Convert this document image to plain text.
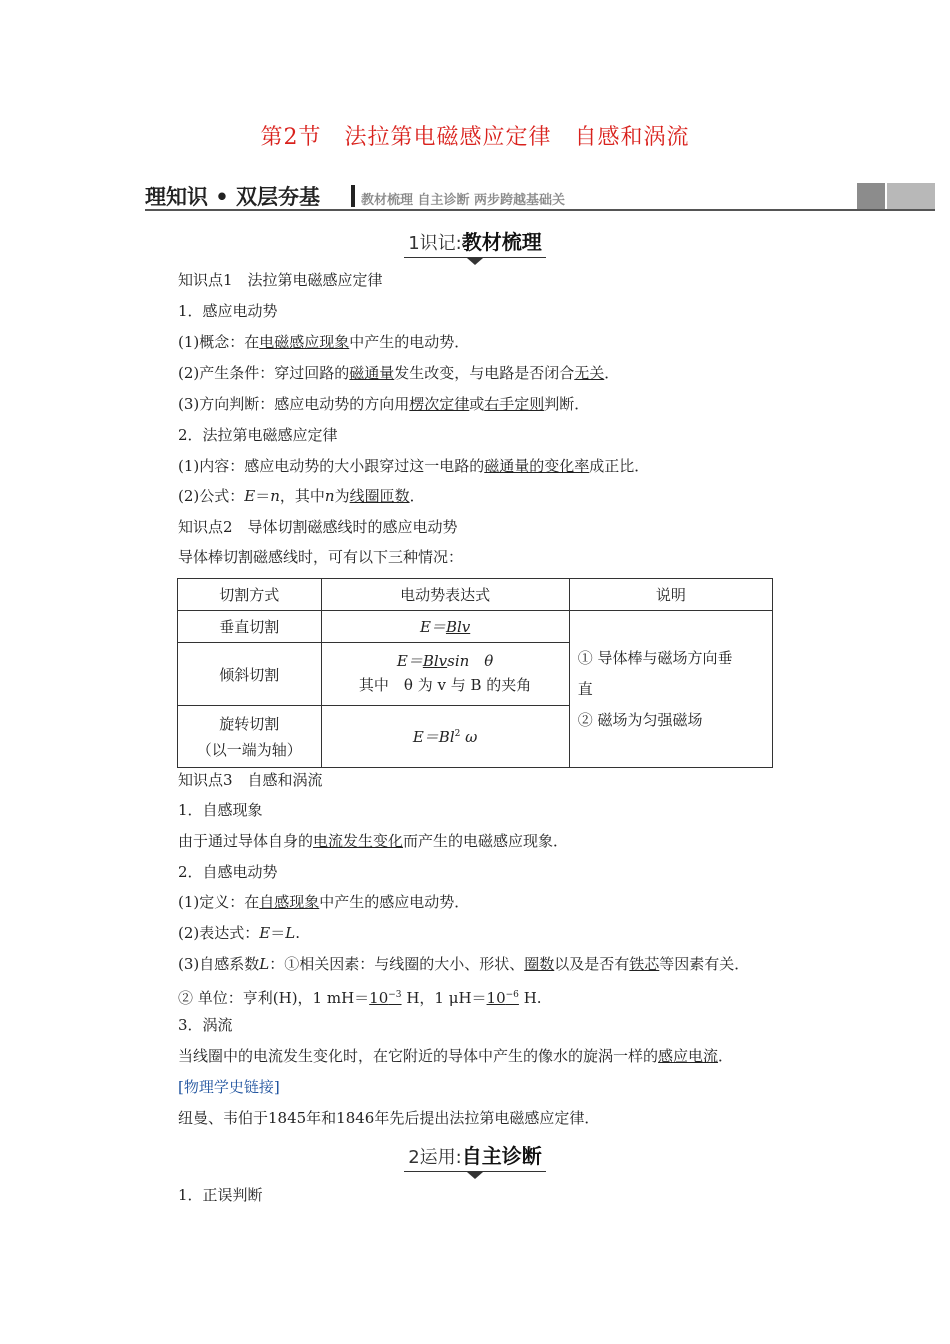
第2节　法拉第电磁感应定律　自感和涡流
理知识 • 双层夯基	教材梳理 自主诊断 两步跨越基础关
1识记:教材梳理
知识点1　法拉第电磁感应定律
1．感应电动势
(1)概念：在电磁感应现象中产生的电动势．
(2)产生条件：穿过回路的磁通量发生改变，与电路是否闭合无关．
(3)方向判断：感应电动势的方向用楞次定律或右手定则判断．
2．法拉第电磁感应定律
(1)内容：感应电动势的大小跟穿过这一电路的磁通量的变化率成正比．
(2)公式：E＝n，其中n为线圈匝数．
知识点2　导体切割磁感线时的感应电动势
导体棒切割磁感线时，可有以下三种情况：
切割方式	电动势表达式	说明
垂直切割	E＝Blv	① 导体棒与磁场方向垂
直
② 磁场为匀强磁场

倾斜切割	E＝Blvsin　θ
其中　θ 为 v 与 B 的夹角	

旋转切割
（以一端为轴）	$E=Bl^2$ ω	
知识点3　自感和涡流
1．自感现象
由于通过导体自身的电流发生变化而产生的电磁感应现象．
2．自感电动势
(1)定义：在自感现象中产生的感应电动势．
(2)表达式：E＝L.
(3)自感系数L：①相关因素：与线圈的大小、形状、圈数以及是否有铁芯等因素有关．
② 单位：亨利(H)，1 $mH=10^{-3}$ H，1 $\mu H=10^{-6}$ H.
3．涡流
当线圈中的电流发生变化时，在它附近的导体中产生的像水的旋涡一样的感应电流．
[物理学史链接]
纽曼、韦伯于1845年和1846年先后提出法拉第电磁感应定律．
2运用:自主诊断
1．正误判断
